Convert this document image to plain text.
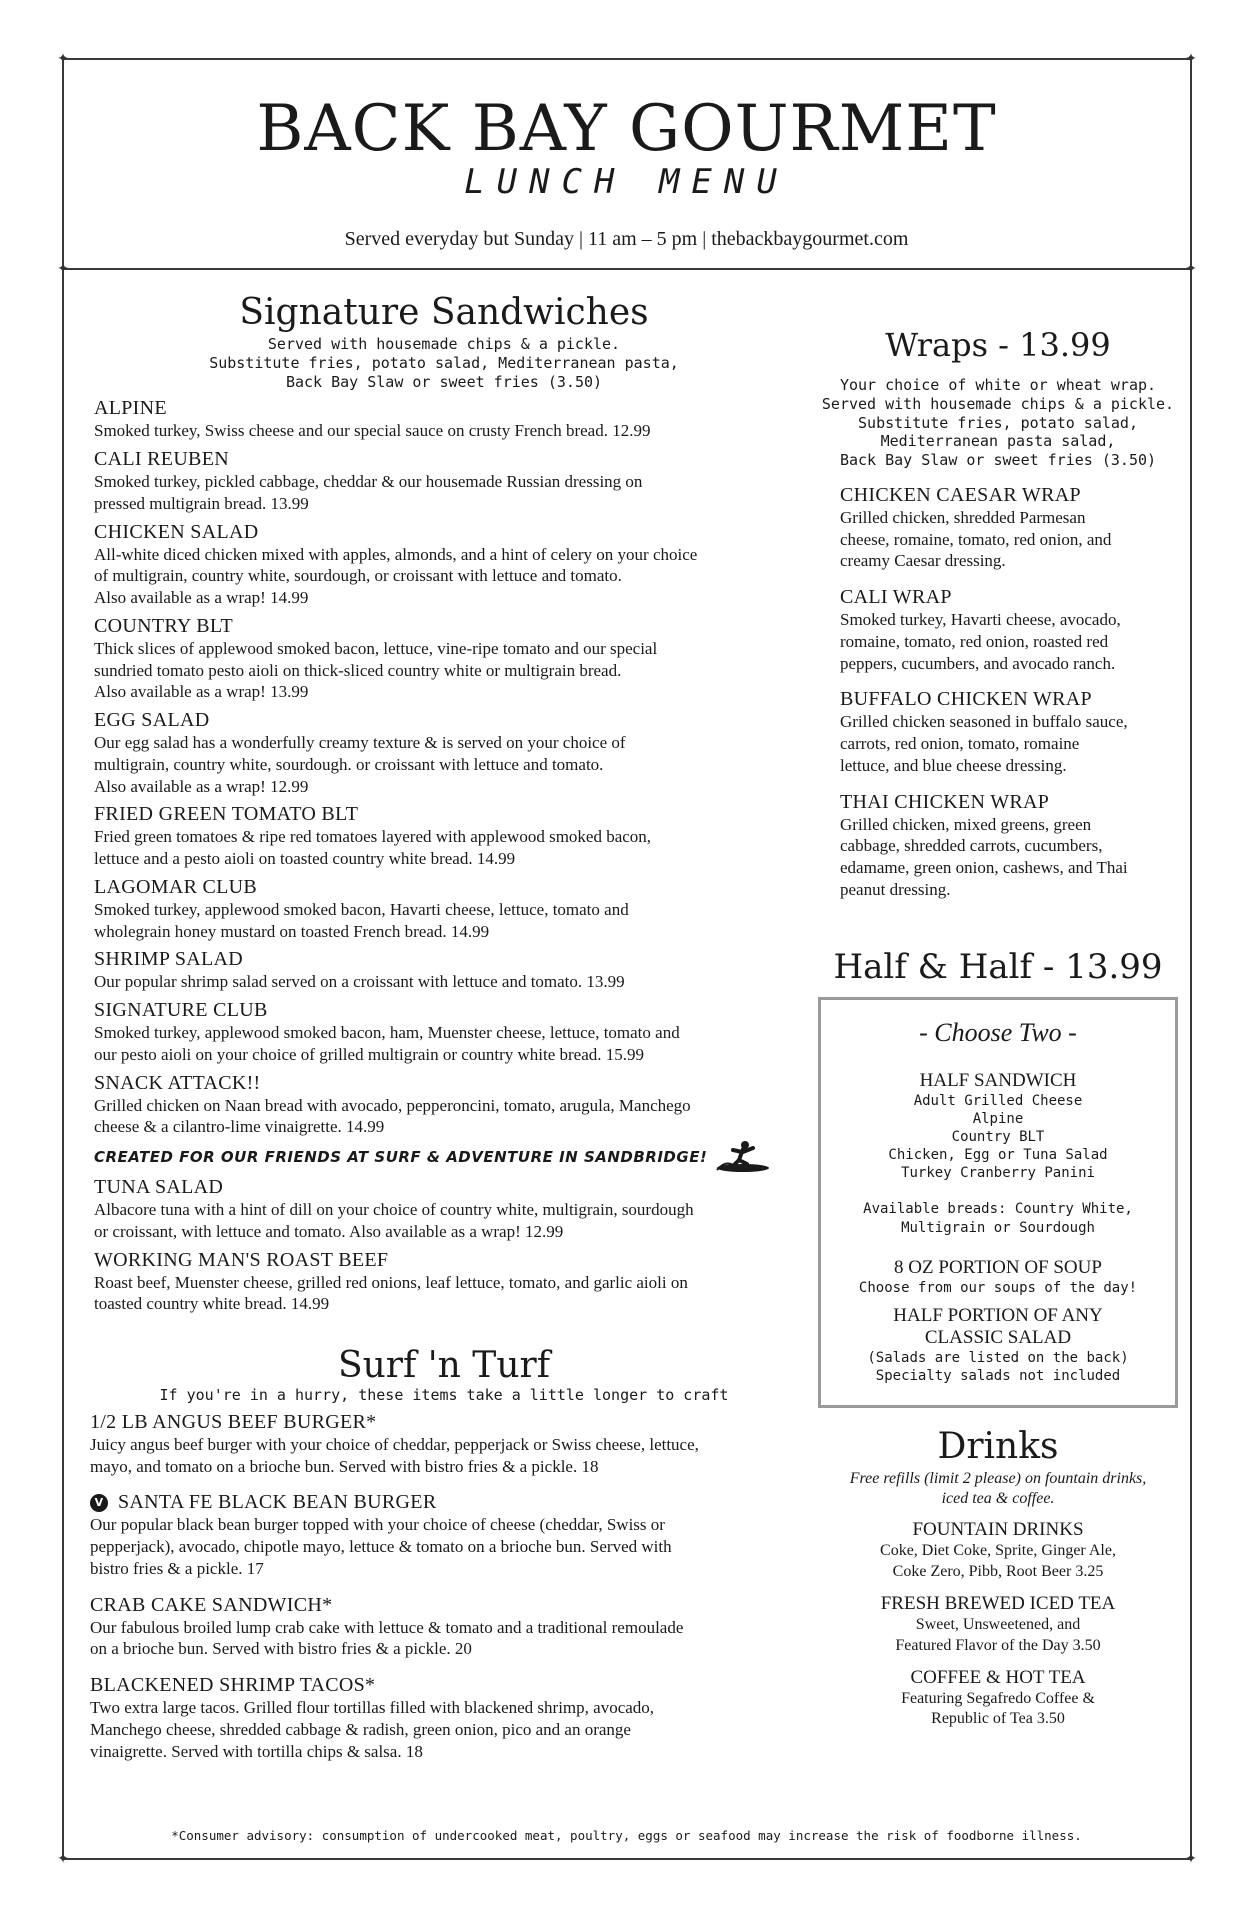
✦	✦
✦	✦
✦	✦
BACK BAY GOURMET
LUNCH MENU
Served everyday but Sunday | 11 am – 5 pm | thebackbaygourmet.com
Signature Sandwiches
Served with housemade chips & a pickle.
Substitute fries, potato salad, Mediterranean pasta,
Back Bay Slaw or sweet fries (3.50)
ALPINE
Smoked turkey, Swiss cheese and our special sauce on crusty French bread. 12.99
CALI REUBEN
Smoked turkey, pickled cabbage, cheddar & our housemade Russian dressing on
pressed multigrain bread. 13.99
CHICKEN SALAD
All-white diced chicken mixed with apples, almonds, and a hint of celery on your choice
of multigrain, country white, sourdough, or croissant with lettuce and tomato.
Also available as a wrap! 14.99
COUNTRY BLT
Thick slices of applewood smoked bacon, lettuce, vine-ripe tomato and our special
sundried tomato pesto aioli on thick-sliced country white or multigrain bread.
Also available as a wrap! 13.99
EGG SALAD
Our egg salad has a wonderfully creamy texture & is served on your choice of
multigrain, country white, sourdough. or croissant with lettuce and tomato.
Also available as a wrap! 12.99
FRIED GREEN TOMATO BLT
Fried green tomatoes & ripe red tomatoes layered with applewood smoked bacon,
lettuce and a pesto aioli on toasted country white bread. 14.99
LAGOMAR CLUB
Smoked turkey, applewood smoked bacon, Havarti cheese, lettuce, tomato and
wholegrain honey mustard on toasted French bread. 14.99
SHRIMP SALAD
Our popular shrimp salad served on a croissant with lettuce and tomato. 13.99
SIGNATURE CLUB
Smoked turkey, applewood smoked bacon, ham, Muenster cheese, lettuce, tomato and
our pesto aioli on your choice of grilled multigrain or country white bread. 15.99
SNACK ATTACK!!
Grilled chicken on Naan bread with avocado, pepperoncini, tomato, arugula, Manchego
cheese & a cilantro-lime vinaigrette. 14.99
CREATED FOR OUR FRIENDS AT SURF & ADVENTURE IN SANDBRIDGE!
TUNA SALAD
Albacore tuna with a hint of dill on your choice of country white, multigrain, sourdough
or croissant, with lettuce and tomato. Also available as a wrap! 12.99
WORKING MAN'S ROAST BEEF
Roast beef, Muenster cheese, grilled red onions, leaf lettuce, tomato, and garlic aioli on
toasted country white bread. 14.99
Surf 'n Turf
If you're in a hurry, these items take a little longer to craft
1/2 LB ANGUS BEEF BURGER*
Juicy angus beef burger with your choice of cheddar, pepperjack or Swiss cheese, lettuce,
mayo, and tomato on a brioche bun. Served with bistro fries & a pickle. 18
V SANTA FE BLACK BEAN BURGER
Our popular black bean burger topped with your choice of cheese (cheddar, Swiss or
pepperjack), avocado, chipotle mayo, lettuce & tomato on a brioche bun. Served with
bistro fries & a pickle. 17
CRAB CAKE SANDWICH*
Our fabulous broiled lump crab cake with lettuce & tomato and a traditional remoulade
on a brioche bun. Served with bistro fries & a pickle. 20
BLACKENED SHRIMP TACOS*
Two extra large tacos. Grilled flour tortillas filled with blackened shrimp, avocado,
Manchego cheese, shredded cabbage & radish, green onion, pico and an orange
vinaigrette. Served with tortilla chips & salsa. 18
Wraps - 13.99
Your choice of white or wheat wrap.
Served with housemade chips & a pickle.
Substitute fries, potato salad,
Mediterranean pasta salad,
Back Bay Slaw or sweet fries (3.50)
CHICKEN CAESAR WRAP
Grilled chicken, shredded Parmesan
cheese, romaine, tomato, red onion, and
creamy Caesar dressing.
CALI WRAP
Smoked turkey, Havarti cheese, avocado,
romaine, tomato, red onion, roasted red
peppers, cucumbers, and avocado ranch.
BUFFALO CHICKEN WRAP
Grilled chicken seasoned in buffalo sauce,
carrots, red onion, tomato, romaine
lettuce, and blue cheese dressing.
THAI CHICKEN WRAP
Grilled chicken, mixed greens, green
cabbage, shredded carrots, cucumbers,
edamame, green onion, cashews, and Thai
peanut dressing.
Half & Half - 13.99
- Choose Two -
HALF SANDWICH
Adult Grilled Cheese
Alpine
Country BLT
Chicken, Egg or Tuna Salad
Turkey Cranberry Panini
Available breads: Country White,
Multigrain or Sourdough
8 OZ PORTION OF SOUP
Choose from our soups of the day!
HALF PORTION OF ANY
CLASSIC SALAD
(Salads are listed on the back)
Specialty salads not included
Drinks
Free refills (limit 2 please) on fountain drinks,
iced tea & coffee.
FOUNTAIN DRINKS
Coke, Diet Coke, Sprite, Ginger Ale,
Coke Zero, Pibb, Root Beer 3.25
FRESH BREWED ICED TEA
Sweet, Unsweetened, and
Featured Flavor of the Day 3.50
COFFEE & HOT TEA
Featuring Segafredo Coffee &
Republic of Tea 3.50
*Consumer advisory: consumption of undercooked meat, poultry, eggs or seafood may increase the risk of foodborne illness.
